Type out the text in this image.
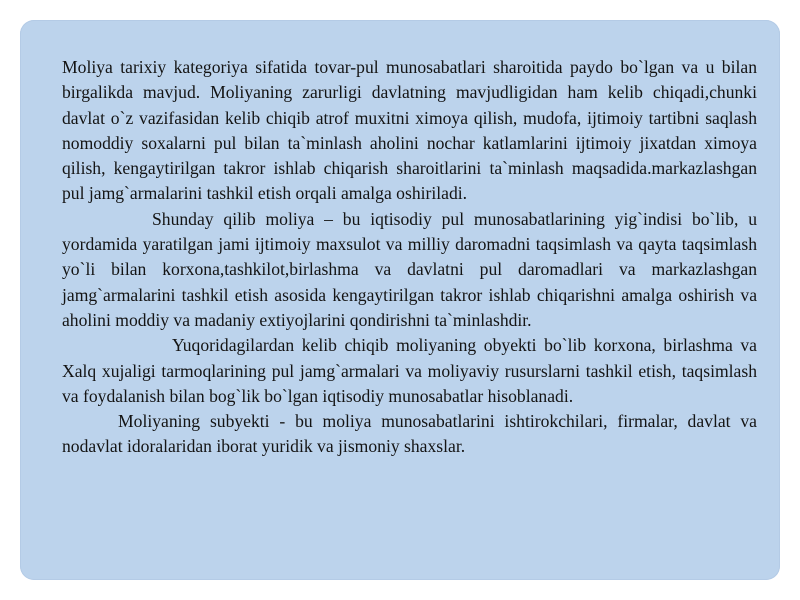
Moliya tarixiy kategoriya sifatida tovar-pul munosabatlari sharoitida paydo bo`lgan va u bilan birgalikda mavjud. Moliyaning zarurligi davlatning mavjudligidan ham kelib chiqadi,chunki davlat o`z vazifasidan kelib chiqib atrof muxitni ximoya qilish, mudofa, ijtimoiy tartibni saqlash nomoddiy soxalarni pul bilan ta`minlash aholini nochar katlamlarini ijtimoiy jixatdan ximoya qilish, kengaytirilgan takror ishlab chiqarish sharoitlarini ta`minlash maqsadida.markazlashgan pul jamg`armalarini tashkil etish orqali amalga oshiriladi.

Shunday qilib moliya – bu iqtisodiy pul munosabatlarining yig`indisi bo`lib, u yordamida yaratilgan jami ijtimoiy maxsulot va milliy daromadni taqsimlash va qayta taqsimlash yo`li bilan korxona,tashkilot,birlashma va davlatni pul daromadlari va markazlashgan jamg`armalarini tashkil etish asosida kengaytirilgan takror ishlab chiqarishni amalga oshirish va aholini moddiy va madaniy extiyojlarini qondirishni ta`minlashdir.

Yuqoridagilardan kelib chiqib moliyaning obyekti bo`lib korxona, birlashma va Xalq xujaligi tarmoqlarining pul jamg`armalari va moliyaviy rusurslarni tashkil etish, taqsimlash va foydalanish bilan bog`lik bo`lgan iqtisodiy munosabatlar hisoblanadi.

Moliyaning subyekti - bu moliya munosabatlarini ishtirokchilari, firmalar, davlat va nodavlat idoralaridan iborat yuridik va jismoniy shaxslar.
